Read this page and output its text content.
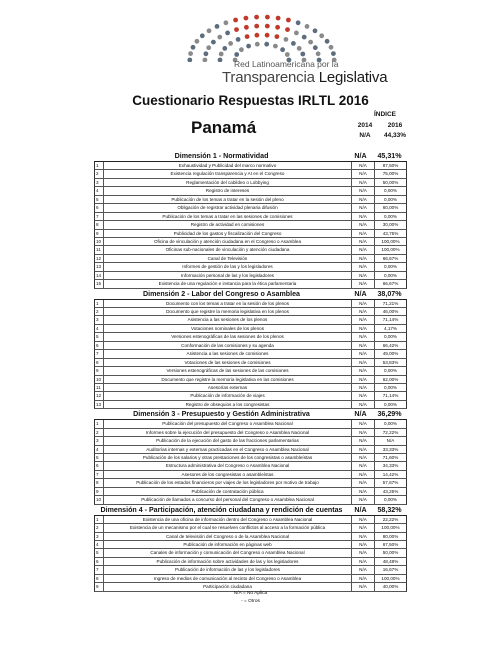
Red Latinoamericana por la
Transparencia Legislativa
Cuestionario Respuestas IRLTL 2016
Panamá
ÍNDICE
2014	2016
N/A	44,33%
Dimensión 1 - Normatividad	N/A	45,31%
1	Exhaustividad y Publicidad del marco normativo	N/A	87,50%
2	Existencia regulación transparencia y AI en el Congreso	N/A	75,00%
3	Reglamentación del cabildeo o Lobbying	N/A	50,00%
4	Registro de intereses	N/A	0,00%
5	Publicación de los temas a tratar en la sesión del pleno	N/A	0,00%
6	Obligación de registrar actividad plenaria difusión	N/A	60,00%
7	Publicación de los temas a tratar en las sesiones de comisiones	N/A	0,00%
8	Registro de actividad en comisiones	N/A	30,00%
9	Publicidad de los gastos y fiscalización del Congreso	N/A	43,75%
10	Oficina de vinculación y atención ciudadana en el Congreso o Asamblea	N/A	100,00%
11	Oficinas sub-nacionales de vinculación y atención ciudadana	N/A	100,00%
12	Canal de Televisión	N/A	66,67%
13	Informes de gestión de las y los legisladores	N/A	0,00%
14	Información personal de las y los legisladores	N/A	0,00%
15	Existencia de una regulación e instancia para la ética parlamentaria	N/A	66,67%
Dimensión 2 - Labor del Congreso o Asamblea	N/A	38,07%
1	Documento con los temas a tratar en la sesión de los plenos	N/A	71,21%
2	Documento que registre la memoria legislativa en los plenos	N/A	46,00%
3	Asistencia a las sesiones de los plenos	N/A	71,14%
4	Votaciones nominales de los plenos	N/A	4,17%
5	Versiones estenográficas de las sesiones de los plenos	N/A	0,00%
6	Conformación de las comisiones y su agenda	N/A	66,42%
7	Asistencia a las sesiones de comisiones	N/A	49,00%
8	Votaciones de las sesiones de comisiones	N/A	53,83%
9	Versiones estenográficas de las sesiones de las comisiones	N/A	0,00%
10	Documento que registre la memoria legislativa en las comisiones	N/A	62,00%
11	Asesorías externas	N/A	0,00%
12	Publicación de información de viajes	N/A	71,14%
13	Registro de obsequios a los congresistas	N/A	0,00%
Dimensión 3 - Presupuesto y Gestión Administrativa	N/A	36,29%
1	Publicación del presupuesto del Congreso o Asamblea Nacional	N/A	0,00%
2	Informes sobre la ejecución del presupuesto del Congreso o Asamblea Nacional	N/A	72,22%
3	Publicación de la ejecución del gasto de las fracciones parlamentarias	N/A	N/A
4	Auditorías internas y externas practicadas en el Congreso o Asamblea Nacional	N/A	33,33%
5	Publicación de los salarios y otras prestaciones de los congresistas o asambleístas	N/A	71,60%
6	Estructura administrativa del Congreso o Asamblea Nacional	N/A	34,33%
7	Asesores de los congresistas o asambleístas	N/A	14,42%
8	Publicación de los estados financieros por viajes de los legisladores por motivo de trabajo	N/A	57,67%
9	Publicación de contratación pública	N/A	43,25%
10	Publicación de llamados a concurso del personal del Congreso o Asamblea Nacional	N/A	0,00%
Dimensión 4 - Participación, atención ciudadana y rendición de cuentas	N/A	58,32%
1	Existencia de una oficina de información dentro del Congreso o Asamblea Nacional	N/A	22,22%
2	Existencia de un mecanismo por el cual se resuelven conflictos al acceso a la formación pública	N/A	100,00%
3	Canal de televisión del Congreso o de la Asamblea Nacional	N/A	80,00%
4	Publicación de información en páginas web	N/A	67,50%
5	Canales de información y comunicación del Congreso o Asamblea Nacional	N/A	50,00%
6	Publicación de información sobre actividades de las y los legisladores	N/A	48,48%
7	Publicación de información de las y los legisladores	N/A	16,67%
8	Ingreso de medios de comunicación al recinto del Congreso o Asamblea	N/A	100,00%
9	Participación ciudadana	N/A	40,00%
N/A = No Aplica
- = Otros
